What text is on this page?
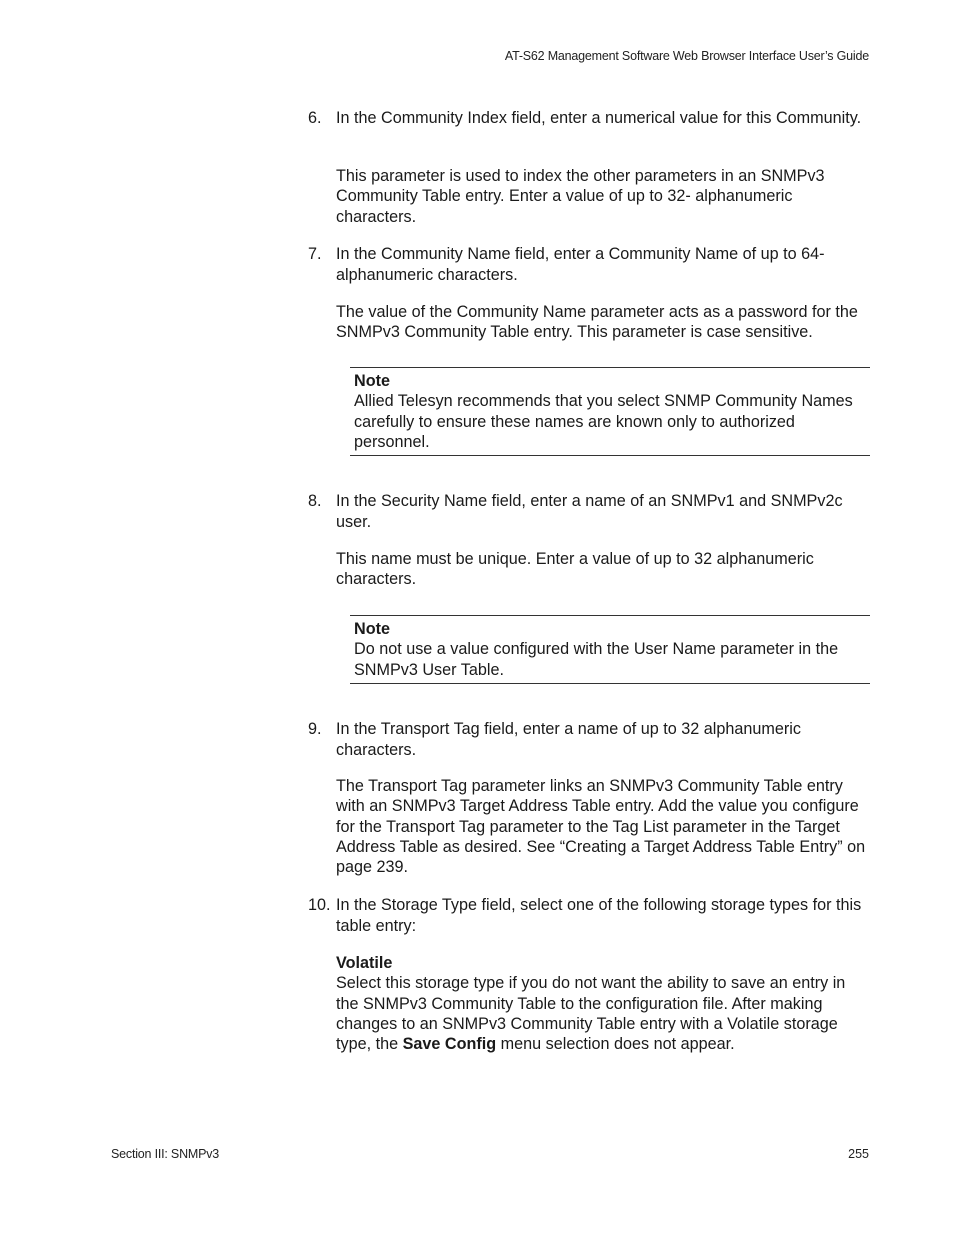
AT-S62 Management Software Web Browser Interface User’s Guide
6. In the Community Index field, enter a numerical value for this Community.
This parameter is used to index the other parameters in an SNMPv3 Community Table entry. Enter a value of up to 32- alphanumeric characters.
7. In the Community Name field, enter a Community Name of up to 64-alphanumeric characters.
The value of the Community Name parameter acts as a password for the SNMPv3 Community Table entry. This parameter is case sensitive.
Note
Allied Telesyn recommends that you select SNMP Community Names carefully to ensure these names are known only to authorized personnel.
8. In the Security Name field, enter a name of an SNMPv1 and SNMPv2c user.
This name must be unique. Enter a value of up to 32 alphanumeric characters.
Note
Do not use a value configured with the User Name parameter in the SNMPv3 User Table.
9. In the Transport Tag field, enter a name of up to 32 alphanumeric characters.
The Transport Tag parameter links an SNMPv3 Community Table entry with an SNMPv3 Target Address Table entry. Add the value you configure for the Transport Tag parameter to the Tag List parameter in the Target Address Table as desired. See “Creating a Target Address Table Entry” on page 239.
10. In the Storage Type field, select one of the following storage types for this table entry:
Volatile
Select this storage type if you do not want the ability to save an entry in the SNMPv3 Community Table to the configuration file. After making changes to an SNMPv3 Community Table entry with a Volatile storage type, the Save Config menu selection does not appear.
Section III: SNMPv3	255
